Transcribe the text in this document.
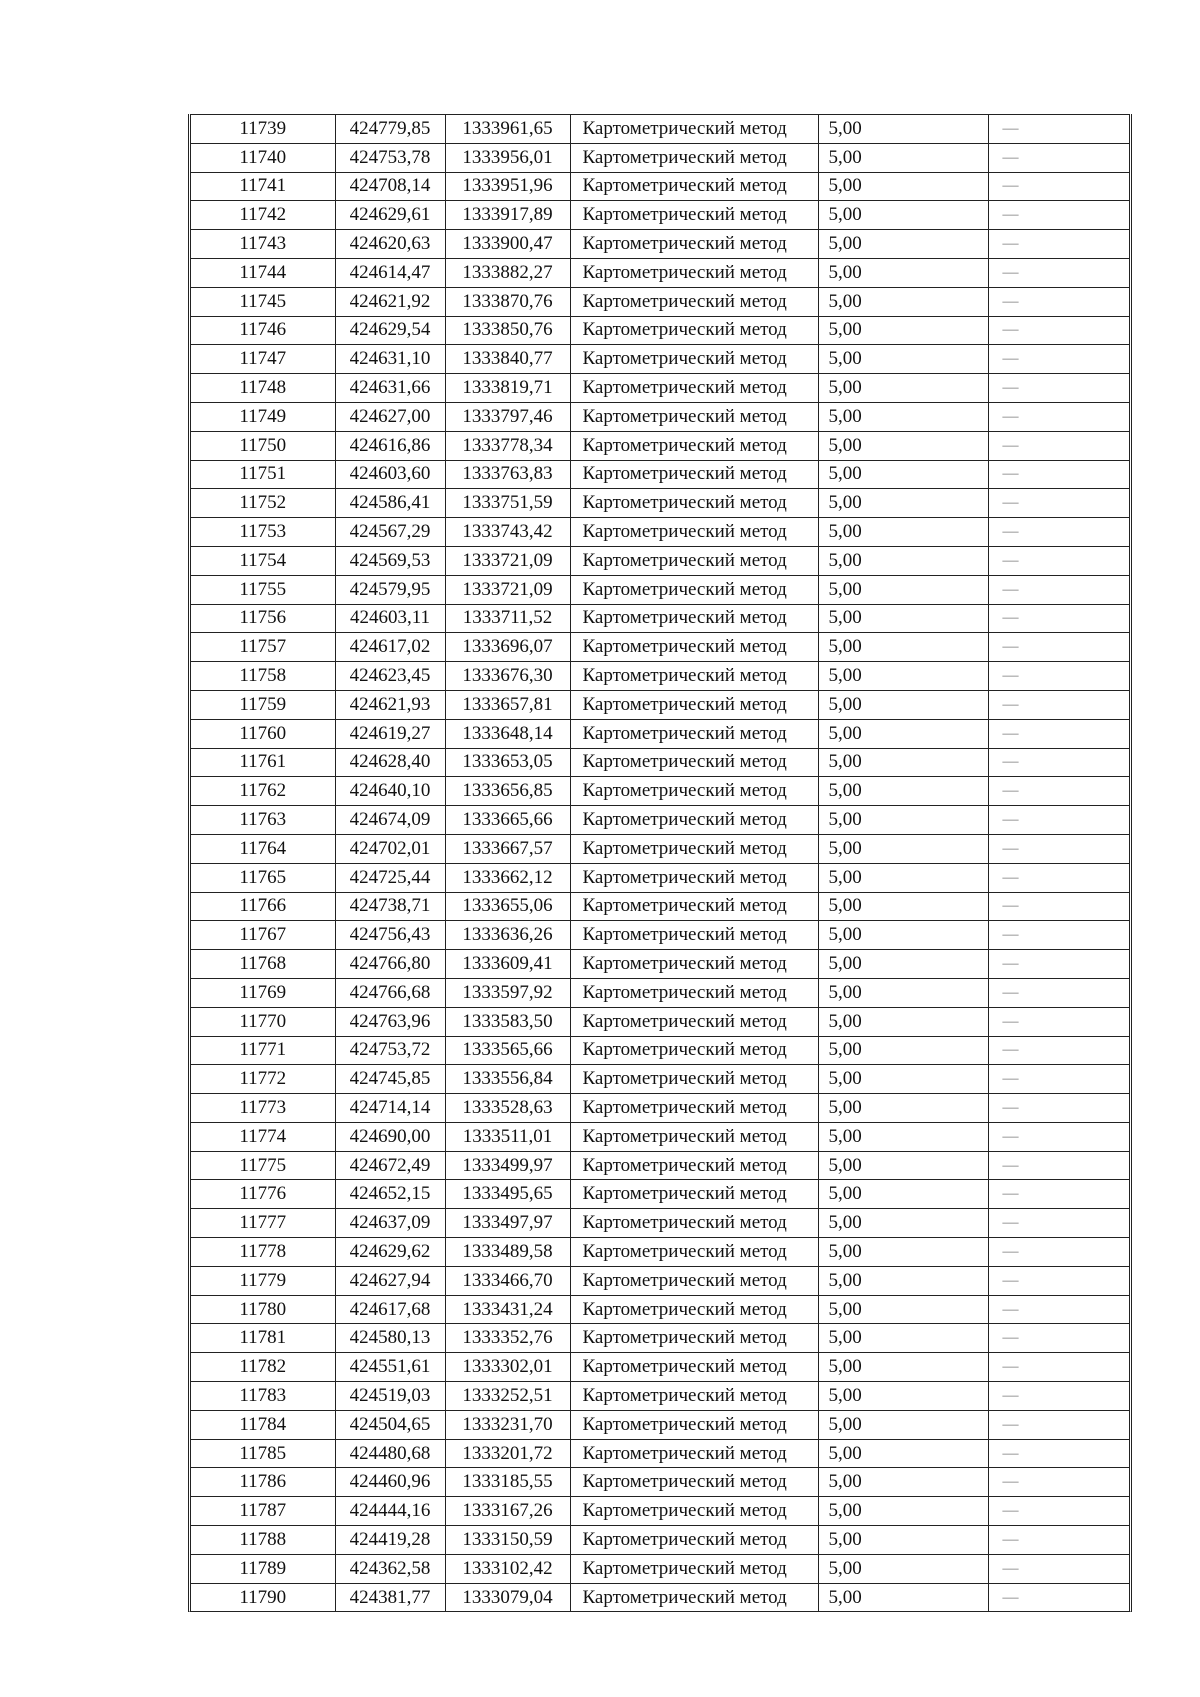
11739	424779,85	1333961,65	Картометрический метод	5,00	—
11740	424753,78	1333956,01	Картометрический метод	5,00	—
11741	424708,14	1333951,96	Картометрический метод	5,00	—
11742	424629,61	1333917,89	Картометрический метод	5,00	—
11743	424620,63	1333900,47	Картометрический метод	5,00	—
11744	424614,47	1333882,27	Картометрический метод	5,00	—
11745	424621,92	1333870,76	Картометрический метод	5,00	—
11746	424629,54	1333850,76	Картометрический метод	5,00	—
11747	424631,10	1333840,77	Картометрический метод	5,00	—
11748	424631,66	1333819,71	Картометрический метод	5,00	—
11749	424627,00	1333797,46	Картометрический метод	5,00	—
11750	424616,86	1333778,34	Картометрический метод	5,00	—
11751	424603,60	1333763,83	Картометрический метод	5,00	—
11752	424586,41	1333751,59	Картометрический метод	5,00	—
11753	424567,29	1333743,42	Картометрический метод	5,00	—
11754	424569,53	1333721,09	Картометрический метод	5,00	—
11755	424579,95	1333721,09	Картометрический метод	5,00	—
11756	424603,11	1333711,52	Картометрический метод	5,00	—
11757	424617,02	1333696,07	Картометрический метод	5,00	—
11758	424623,45	1333676,30	Картометрический метод	5,00	—
11759	424621,93	1333657,81	Картометрический метод	5,00	—
11760	424619,27	1333648,14	Картометрический метод	5,00	—
11761	424628,40	1333653,05	Картометрический метод	5,00	—
11762	424640,10	1333656,85	Картометрический метод	5,00	—
11763	424674,09	1333665,66	Картометрический метод	5,00	—
11764	424702,01	1333667,57	Картометрический метод	5,00	—
11765	424725,44	1333662,12	Картометрический метод	5,00	—
11766	424738,71	1333655,06	Картометрический метод	5,00	—
11767	424756,43	1333636,26	Картометрический метод	5,00	—
11768	424766,80	1333609,41	Картометрический метод	5,00	—
11769	424766,68	1333597,92	Картометрический метод	5,00	—
11770	424763,96	1333583,50	Картометрический метод	5,00	—
11771	424753,72	1333565,66	Картометрический метод	5,00	—
11772	424745,85	1333556,84	Картометрический метод	5,00	—
11773	424714,14	1333528,63	Картометрический метод	5,00	—
11774	424690,00	1333511,01	Картометрический метод	5,00	—
11775	424672,49	1333499,97	Картометрический метод	5,00	—
11776	424652,15	1333495,65	Картометрический метод	5,00	—
11777	424637,09	1333497,97	Картометрический метод	5,00	—
11778	424629,62	1333489,58	Картометрический метод	5,00	—
11779	424627,94	1333466,70	Картометрический метод	5,00	—
11780	424617,68	1333431,24	Картометрический метод	5,00	—
11781	424580,13	1333352,76	Картометрический метод	5,00	—
11782	424551,61	1333302,01	Картометрический метод	5,00	—
11783	424519,03	1333252,51	Картометрический метод	5,00	—
11784	424504,65	1333231,70	Картометрический метод	5,00	—
11785	424480,68	1333201,72	Картометрический метод	5,00	—
11786	424460,96	1333185,55	Картометрический метод	5,00	—
11787	424444,16	1333167,26	Картометрический метод	5,00	—
11788	424419,28	1333150,59	Картометрический метод	5,00	—
11789	424362,58	1333102,42	Картометрический метод	5,00	—
11790	424381,77	1333079,04	Картометрический метод	5,00	—
